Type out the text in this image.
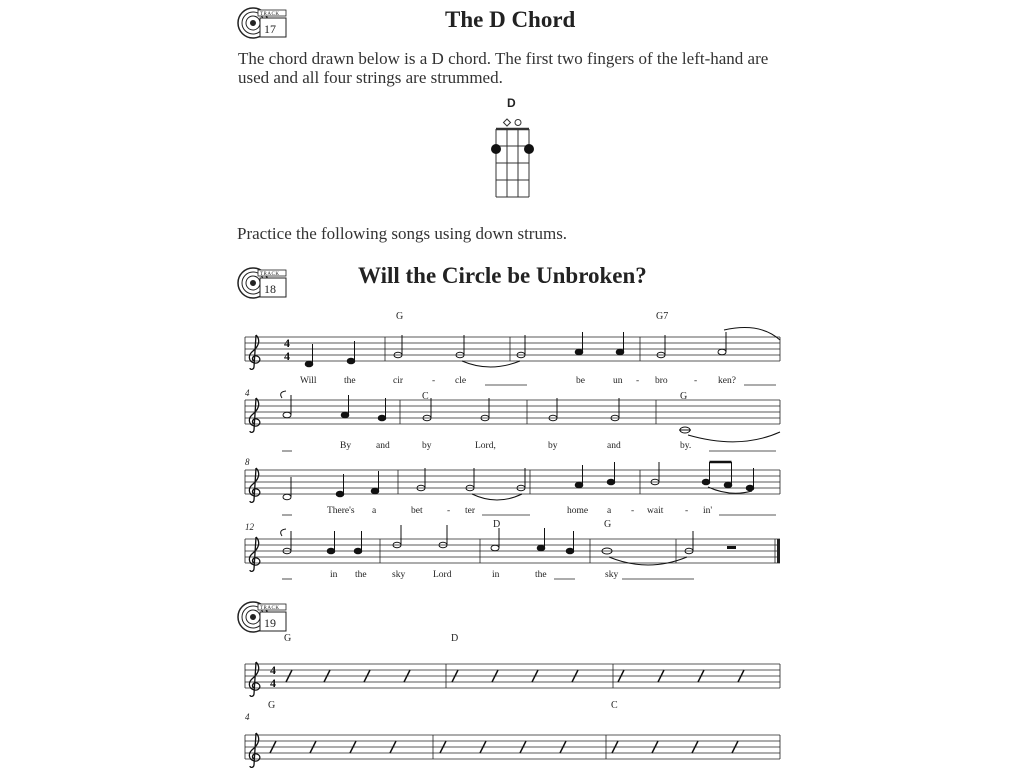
TRACK
17	The D Chord
The chord drawn below is a D chord. The first two fingers of the left-hand are used and all four strings are strummed.
D
Practice the following songs using down strums.
TRACK
18
Will the Circle be Unbroken?
4
4
4
4
G	G7
4	C	G
8
12	D	G
Will	the	cir	- cle	be	un - bro	- ken?
By	and	by	Lord,	by	and	by.
There's a	bet	- ter	home a - wait - in'
in the	sky	Lord	in	the	sky
TRACK
19
G	D
4
G	C
